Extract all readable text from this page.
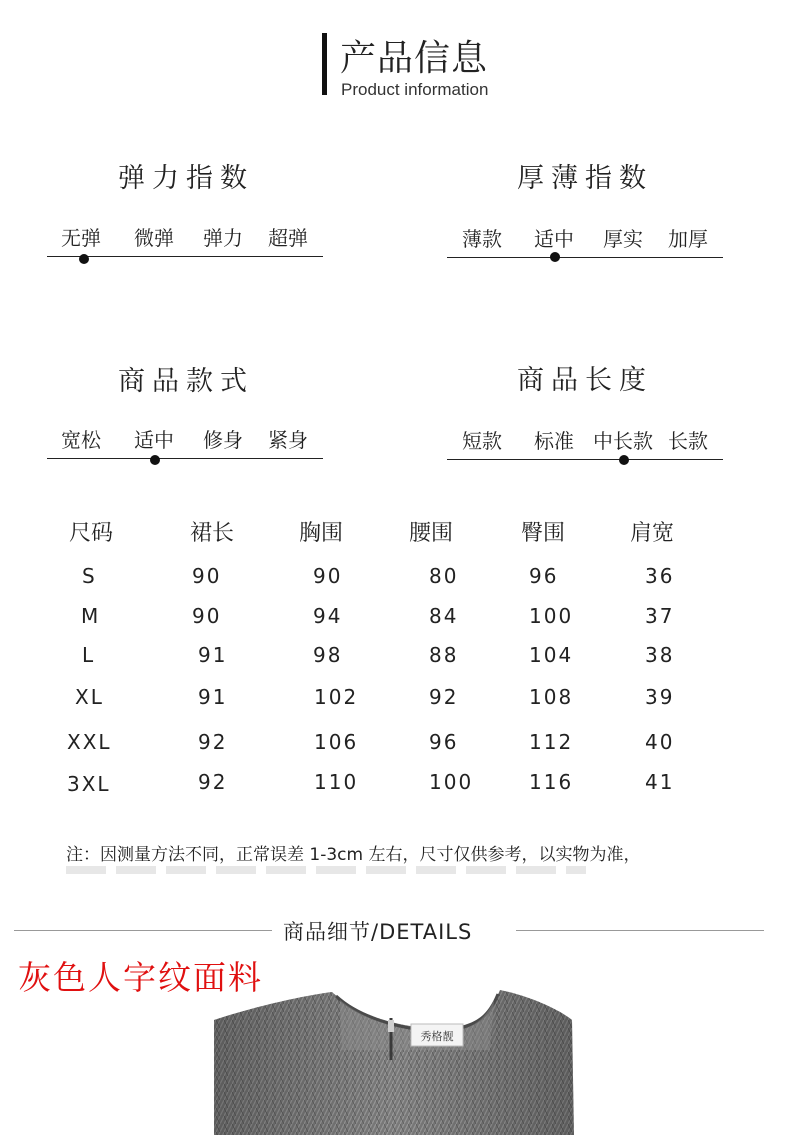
产品信息
Product information
弹力指数
无弹 微弹 弹力 超弹
厚薄指数
薄款 适中 厚实 加厚
商品款式
宽松 适中 修身 紧身
商品长度
短款 标准 中长款 长款
尺码	裙长	胸围	腰围	臀围	肩宽
S	90	90	80	96	36
M	90	94	84	100	37
L	91	98	88	104	38
XL	91	102	92	108	39
XXL	92	106	96	112	40
3XL	92	110	100	116	41
注：因测量方法不同，正常误差 1-3cm 左右，尺寸仅供参考，以实物为准，
商品细节/DETAILS
秀格靓
灰色人字纹面料
